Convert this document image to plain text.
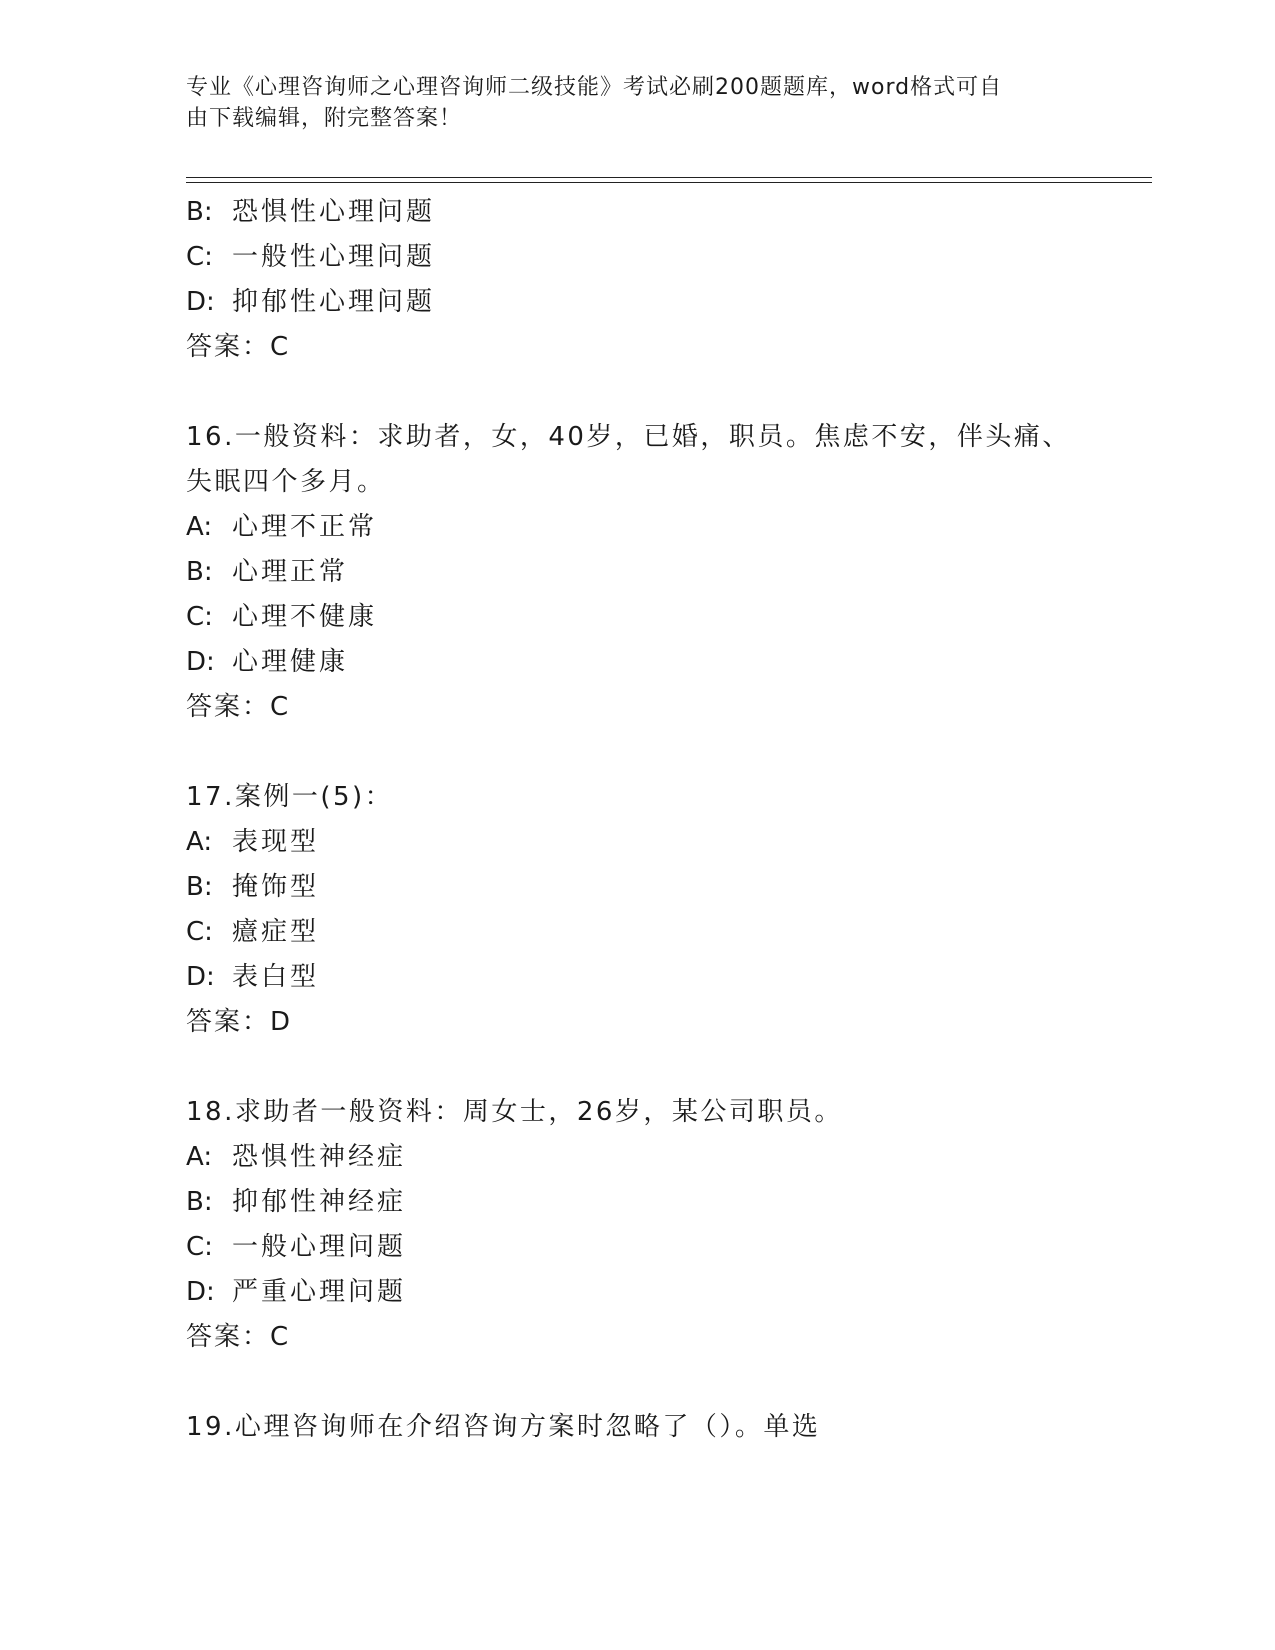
专业《心理咨询师之心理咨询师二级技能》考试必刷200题题库，word格式可自
由下载编辑，附完整答案！
B: 恐惧性心理问题
C: 一般性心理问题
D: 抑郁性心理问题
答案：C
16.一般资料：求助者，女，40岁，已婚，职员。焦虑不安，伴头痛、
失眠四个多月。
A: 心理不正常
B: 心理正常
C: 心理不健康
D: 心理健康
答案：C
17.案例一(5)：
A: 表现型
B: 掩饰型
C: 癔症型
D: 表白型
答案：D
18.求助者一般资料：周女士，26岁，某公司职员。
A: 恐惧性神经症
B: 抑郁性神经症
C: 一般心理问题
D: 严重心理问题
答案：C
19.心理咨询师在介绍咨询方案时忽略了（）。单选
